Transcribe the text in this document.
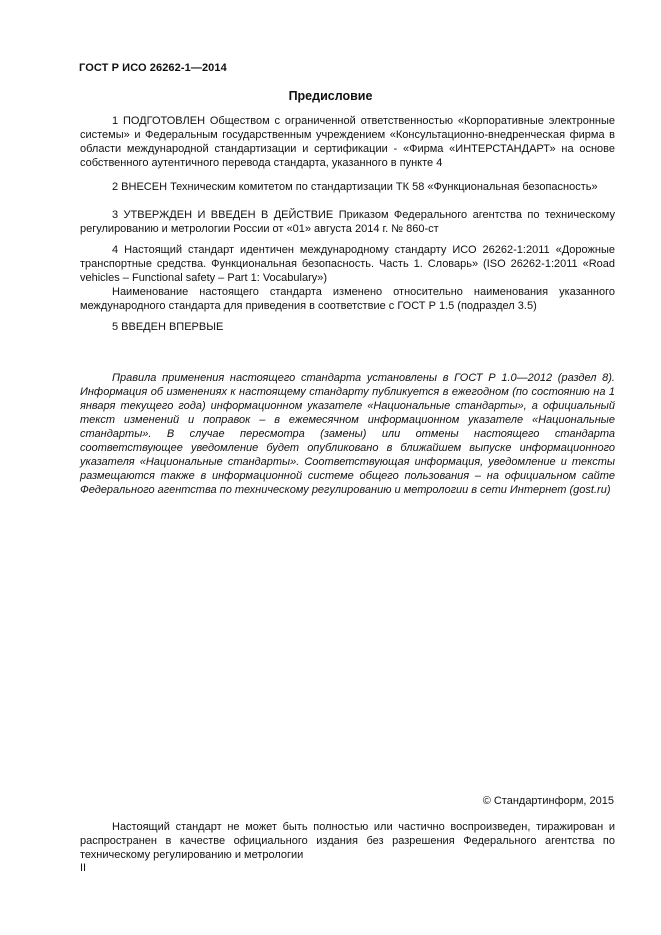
ГОСТ Р ИСО 26262-1—2014
Предисловие

1 ПОДГОТОВЛЕН Обществом с ограниченной ответственностью «Корпоративные электронные системы» и Федеральным государственным учреждением «Консультационно-внедренческая фирма в области международной стандартизации и сертификации - «Фирма «ИНТЕРСТАНДАРТ» на основе собственного аутентичного перевода стандарта, указанного в пункте 4

2 ВНЕСЕН Техническим комитетом по стандартизации ТК 58 «Функциональная безопасность»

3 УТВЕРЖДЕН И ВВЕДЕН В ДЕЙСТВИЕ Приказом Федерального агентства по техническому регулированию и метрологии России от «01» августа 2014 г. № 860-ст

4 Настоящий стандарт идентичен международному стандарту ИСО 26262-1:2011 «Дорожные транспортные средства. Функциональная безопасность. Часть 1. Словарь» (ISO 26262-1:2011 «Road vehicles – Functional safety – Part 1: Vocabulary»)

Наименование настоящего стандарта изменено относительно наименования указанного международного стандарта для приведения в соответствие с ГОСТ Р 1.5 (подраздел 3.5)

5 ВВЕДЕН ВПЕРВЫЕ

Правила применения настоящего стандарта установлены в ГОСТ Р 1.0—2012 (раздел 8). Информация об изменениях к настоящему стандарту публикуется в ежегодном (по состоянию на 1 января текущего года) информационном указателе «Национальные стандарты», а официальный текст изменений и поправок – в ежемесячном информационном указателе «Национальные стандарты». В случае пересмотра (замены) или отмены настоящего стандарта соответствующее уведомление будет опубликовано в ближайшем выпуске информационного указателя «Национальные стандарты». Соответствующая информация, уведомление и тексты размещаются также в информационной системе общего пользования – на официальном сайте Федерального агентства по техническому регулированию и метрологии в сети Интернет (gost.ru)

© Стандартинформ, 2015

Настоящий стандарт не может быть полностью или частично воспроизведен, тиражирован и распространен в качестве официального издания без разрешения Федерального агентства по техническому регулированию и метрологии

II
